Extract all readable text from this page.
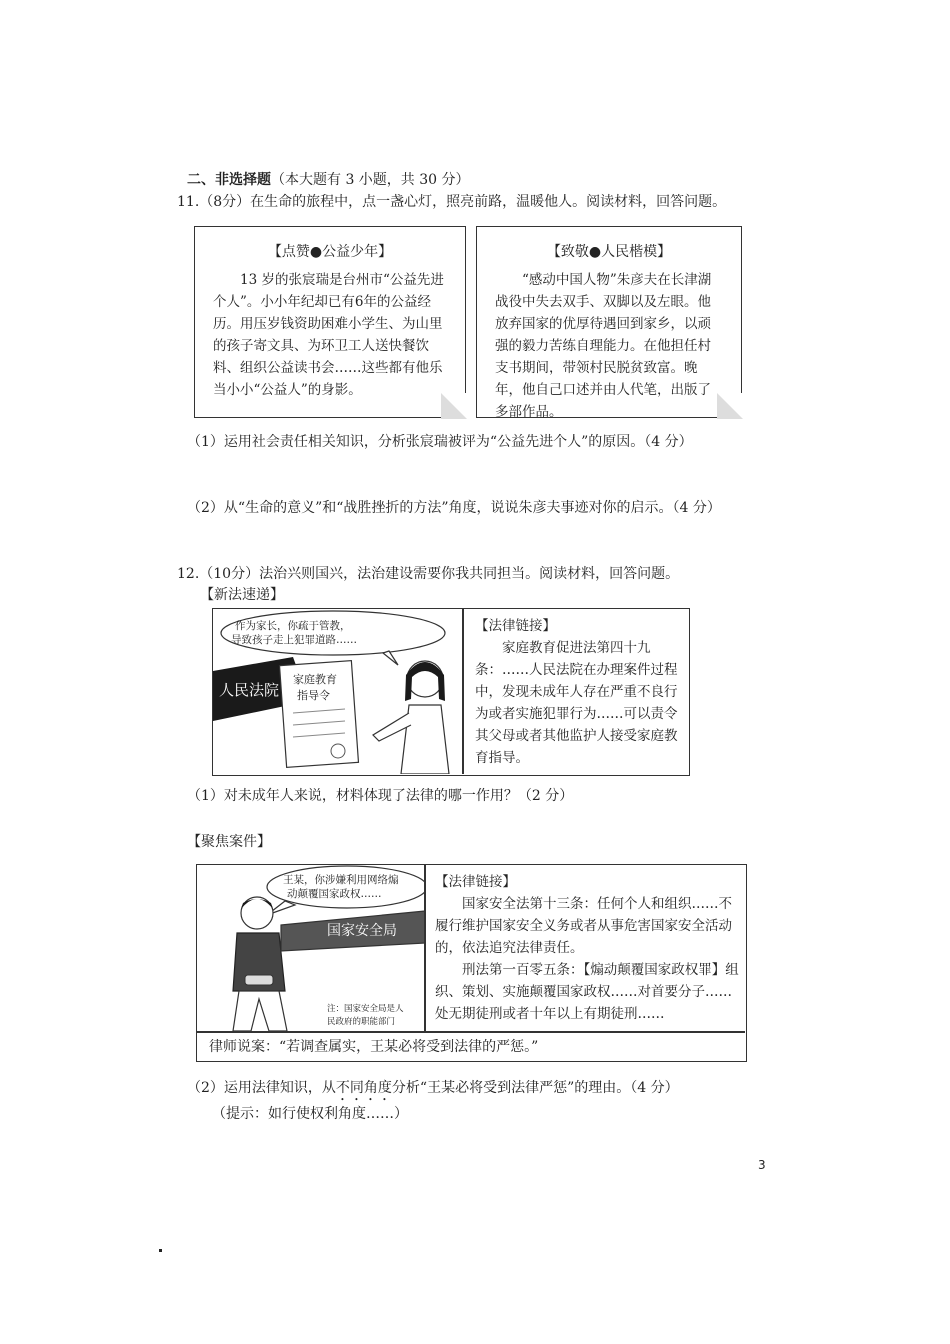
二、非选择题（本大题有 3 小题，共 30 分）
11.（8分）在生命的旅程中，点一盏心灯，照亮前路，温暖他人。阅读材料，回答问题。
【点赞●公益少年】

13 岁的张宸瑞是台州市“公益先进个人”。小小年纪却已有6年的公益经历。用压岁钱资助困难小学生、为山里的孩子寄文具、为环卫工人送快餐饮料、组织公益读书会……这些都有他乐当小小“公益人”的身影。

【致敬●人民楷模】

“感动中国人物”朱彦夫在长津湖战役中失去双手、双脚以及左眼。他放弃国家的优厚待遇回到家乡，以顽强的毅力苦练自理能力。在他担任村支书期间，带领村民脱贫致富。晚年，他自己口述并由人代笔，出版了多部作品。

（1）运用社会责任相关知识，分析张宸瑞被评为“公益先进个人”的原因。（4 分）
（2）从“生命的意义”和“战胜挫折的方法”角度，说说朱彦夫事迹对你的启示。（4 分）
12.（10分）法治兴则国兴，法治建设需要你我共同担当。阅读材料，回答问题。
【新法速递】
作为家长，你疏于管教，
导致孩子走上犯罪道路……
人民法院
家庭教育
指导令

【法律链接】

家庭教育促进法第四十九条：……人民法院在办理案件过程中，发现未成年人存在严重不良行为或者实施犯罪行为……可以责令其父母或者其他监护人接受家庭教育指导。

（1）对未成年人来说，材料体现了法律的哪一作用？（2 分）
【聚焦案件】
王某，你涉嫌利用网络煽
动颠覆国家政权……
国家安全局
注：国家安全局是人
民政府的职能部门

【法律链接】

国家安全法第十三条：任何个人和组织……不履行维护国家安全义务或者从事危害国家安全活动的，依法追究法律责任。

刑法第一百零五条：【煽动颠覆国家政权罪】组织、策划、实施颠覆国家政权……对首要分子……处无期徒刑或者十年以上有期徒刑……

律师说案：“若调查属实，王某必将受到法律的严惩。”
（2）运用法律知识，从不同角度分析“王某必将受到法律严惩”的理由。（4 分）
（提示：如行使权利角度……）
3
